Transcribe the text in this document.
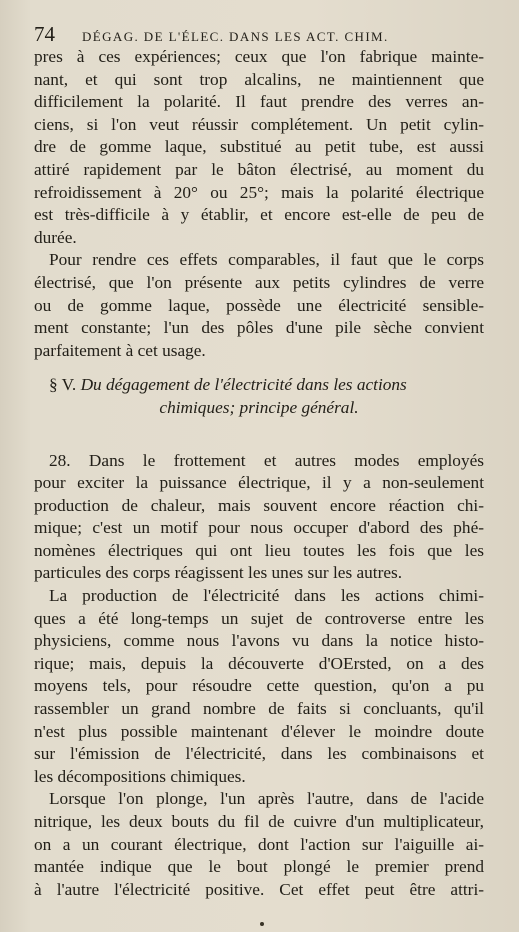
74	DÉGAG. DE L'ÉLEC. DANS LES ACT. CHIM.
pres à ces expériences; ceux que l'on fabrique mainte-
nant, et qui sont trop alcalins, ne maintiennent que
difficilement la polarité. Il faut prendre des verres an-
ciens, si l'on veut réussir complétement. Un petit cylin-
dre de gomme laque, substitué au petit tube, est aussi
attiré rapidement par le bâton électrisé, au moment du
refroidissement à 20° ou 25°; mais la polarité électrique
est très-difficile à y établir, et encore est-elle de peu de
durée.
Pour rendre ces effets comparables, il faut que le corps
électrisé, que l'on présente aux petits cylindres de verre
ou de gomme laque, possède une électricité sensible-
ment constante; l'un des pôles d'une pile sèche convient
parfaitement à cet usage.
§ V. Du dégagement de l'électricité dans les actions
chimiques; principe général.
28. Dans le frottement et autres modes employés
pour exciter la puissance électrique, il y a non-seulement
production de chaleur, mais souvent encore réaction chi-
mique; c'est un motif pour nous occuper d'abord des phé-
nomènes électriques qui ont lieu toutes les fois que les
particules des corps réagissent les unes sur les autres.
La production de l'électricité dans les actions chimi-
ques a été long-temps un sujet de controverse entre les
physiciens, comme nous l'avons vu dans la notice histo-
rique; mais, depuis la découverte d'OErsted, on a des
moyens tels, pour résoudre cette question, qu'on a pu
rassembler un grand nombre de faits si concluants, qu'il
n'est plus possible maintenant d'élever le moindre doute
sur l'émission de l'électricité, dans les combinaisons et
les décompositions chimiques.
Lorsque l'on plonge, l'un après l'autre, dans de l'acide
nitrique, les deux bouts du fil de cuivre d'un multiplicateur,
on a un courant électrique, dont l'action sur l'aiguille ai-
mantée indique que le bout plongé le premier prend
à l'autre l'électricité positive. Cet effet peut être attri-
